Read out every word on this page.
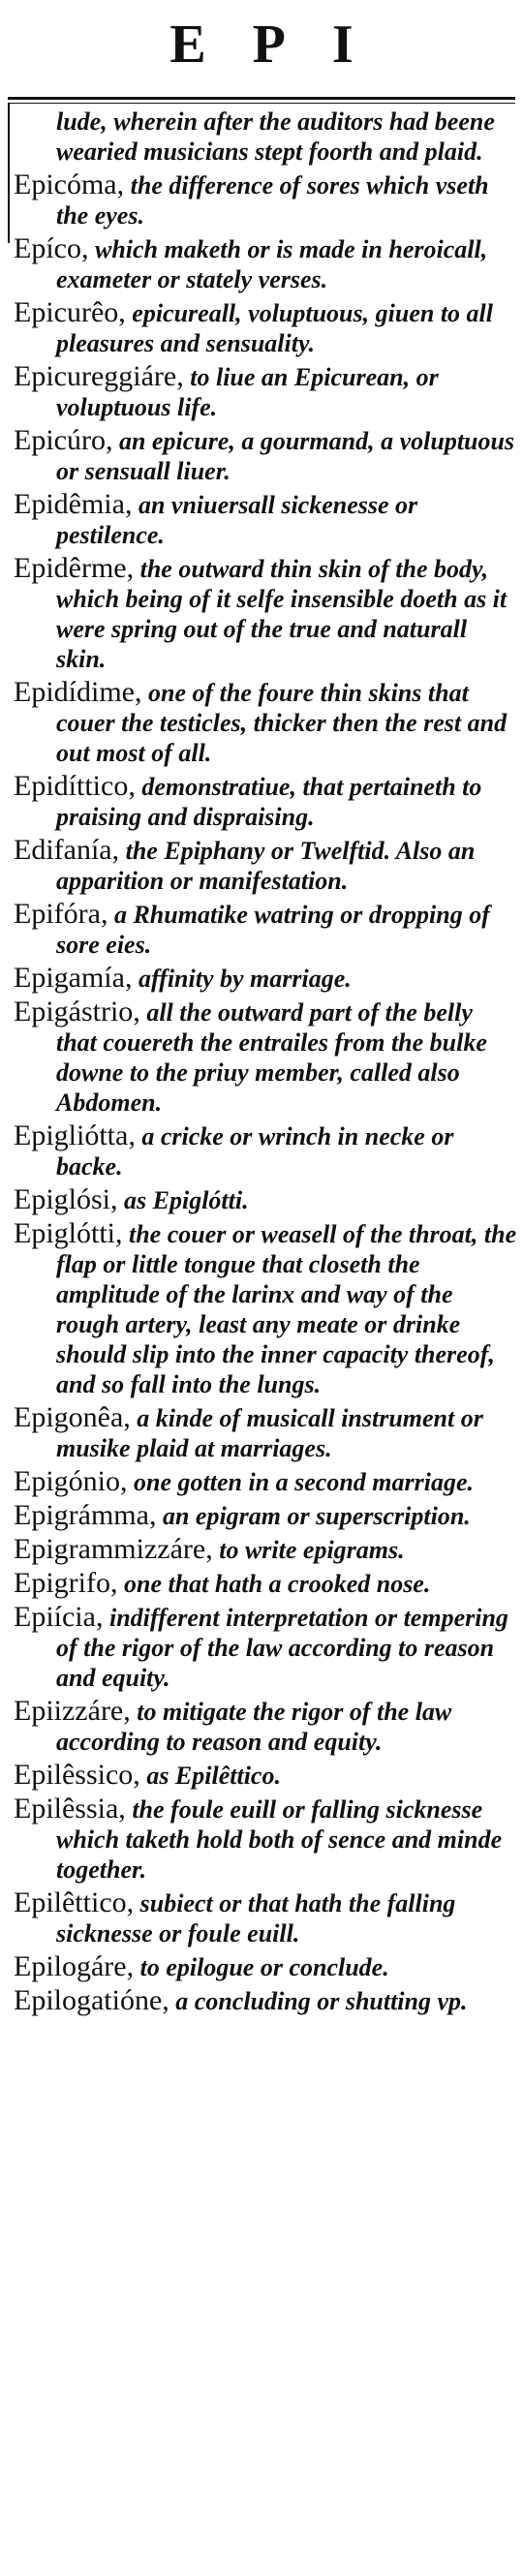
EPI

lude, wherein after the auditors had beene wearied musicians stept foorth and plaid.

Epicóma, the difference of sores which vseth the eyes.

Epíco, which maketh or is made in heroicall, exameter or stately verses.

Epicurêo, epicureall, voluptuous, giuen to all pleasures and sensuality.

Epicureggiáre, to liue an Epicurean, or voluptuous life.

Epicúro, an epicure, a gourmand, a voluptuous or sensuall liuer.

Epidêmia, an vniuersall sickenesse or pestilence.

Epidêrme, the outward thin skin of the body, which being of it selfe insensible doeth as it were spring out of the true and naturall skin.

Epidídime, one of the foure thin skins that couer the testicles, thicker then the rest and out most of all.

Epidíttico, demonstratiue, that pertaineth to praising and dispraising.

Edifanía, the Epiphany or Twelftid. Also an apparition or manifestation.

Epifóra, a Rhumatike watring or dropping of sore eies.

Epigamía, affinity by marriage.

Epigástrio, all the outward part of the belly that couereth the entrailes from the bulke downe to the priuy member, called also Abdomen.

Epigliótta, a cricke or wrinch in necke or backe.

Epiglósi, as Epiglótti.

Epiglótti, the couer or weasell of the throat, the flap or little tongue that closeth the amplitude of the larinx and way of the rough artery, least any meate or drinke should slip into the inner capacity thereof, and so fall into the lungs.

Epigonêa, a kinde of musicall instrument or musike plaid at marriages.

Epigónio, one gotten in a second marriage.

Epigrámma, an epigram or superscription.

Epigrammizzáre, to write epigrams.

Epigrifo, one that hath a crooked nose.

Epiícia, indifferent interpretation or tempering of the rigor of the law according to reason and equity.

Epiizzáre, to mitigate the rigor of the law according to reason and equity.

Epilêssico, as Epilêttico.

Epilêssia, the foule euill or falling sicknesse which taketh hold both of sence and minde together.

Epilêttico, subiect or that hath the falling sicknesse or foule euill.

Epilogáre, to epilogue or conclude.

Epilogatióne, a concluding or shutting vp.
